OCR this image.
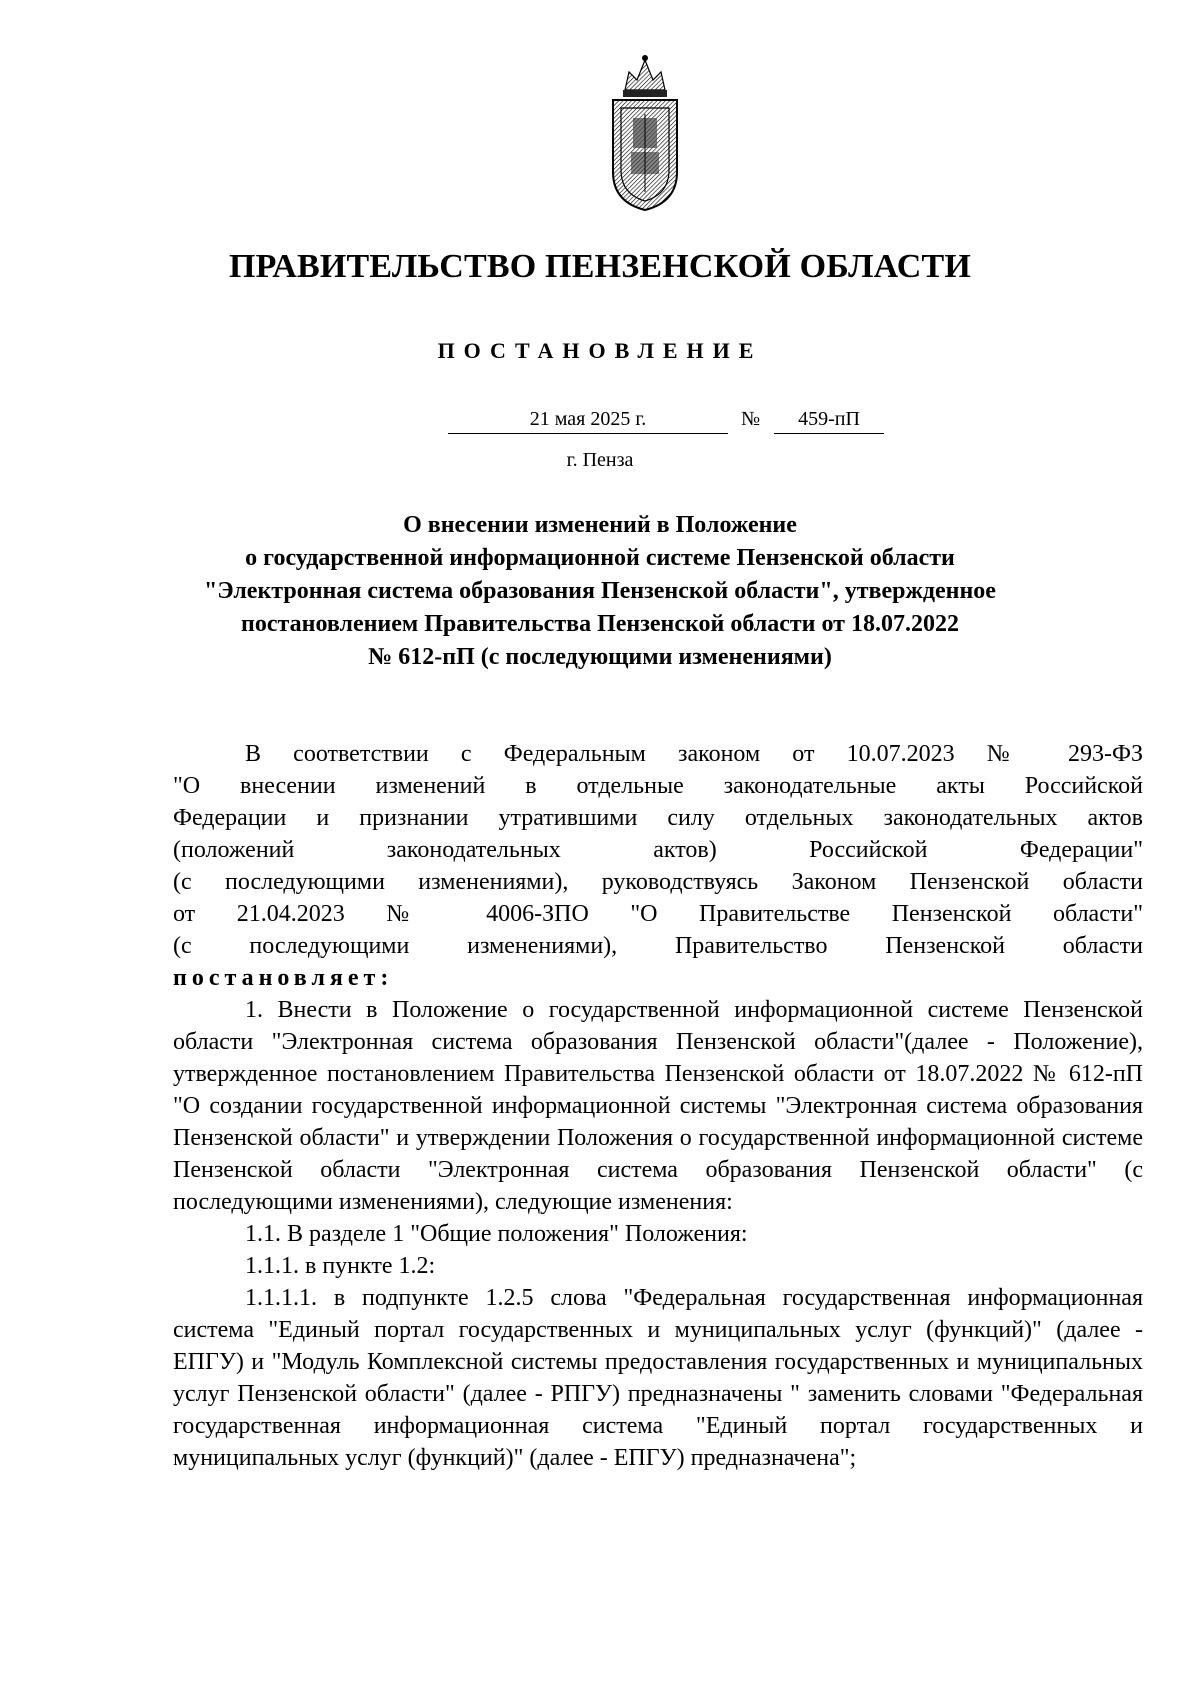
ПРАВИТЕЛЬСТВО ПЕНЗЕНСКОЙ ОБЛАСТИ
ПОСТАНОВЛЕНИЕ
21 мая 2025 г.	№	459-пП
г. Пенза
О внесении изменений в Положение
о государственной информационной системе Пензенской области
"Электронная система образования Пензенской области", утвержденное
постановлением Правительства Пензенской области от 18.07.2022
№ 612-пП (с последующими изменениями)

В соответствии с Федеральным законом от 10.07.2023 № 293-ФЗ

"О внесении изменений в отдельные законодательные акты Российской

Федерации и признании утратившими силу отдельных законодательных актов

(положений законодательных актов) Российской Федерации"

(с последующими изменениями), руководствуясь Законом Пензенской области

от 21.04.2023 № 4006-ЗПО "О Правительстве Пензенской области"

(с последующими изменениями), Правительство Пензенской области

постановляет:

1. Внести в Положение о государственной информационной системе Пензенской области "Электронная система образования Пензенской области"(далее - Положение), утвержденное постановлением Правительства Пензенской области от 18.07.2022 № 612-пП "О создании государственной информационной системы "Электронная система образования Пензенской области" и утверждении Положения о государственной информационной системе Пензенской области "Электронная система образования Пензенской области" (с последующими изменениями), следующие изменения:

1.1. В разделе 1 "Общие положения" Положения:

1.1.1. в пункте 1.2:

1.1.1.1. в подпункте 1.2.5 слова "Федеральная государственная информационная система "Единый портал государственных и муниципальных услуг (функций)" (далее - ЕПГУ) и "Модуль Комплексной системы предоставления государственных и муниципальных услуг Пензенской области" (далее - РПГУ) предназначены " заменить словами "Федеральная государственная информационная система "Единый портал государственных и муниципальных услуг (функций)" (далее - ЕПГУ) предназначена";
